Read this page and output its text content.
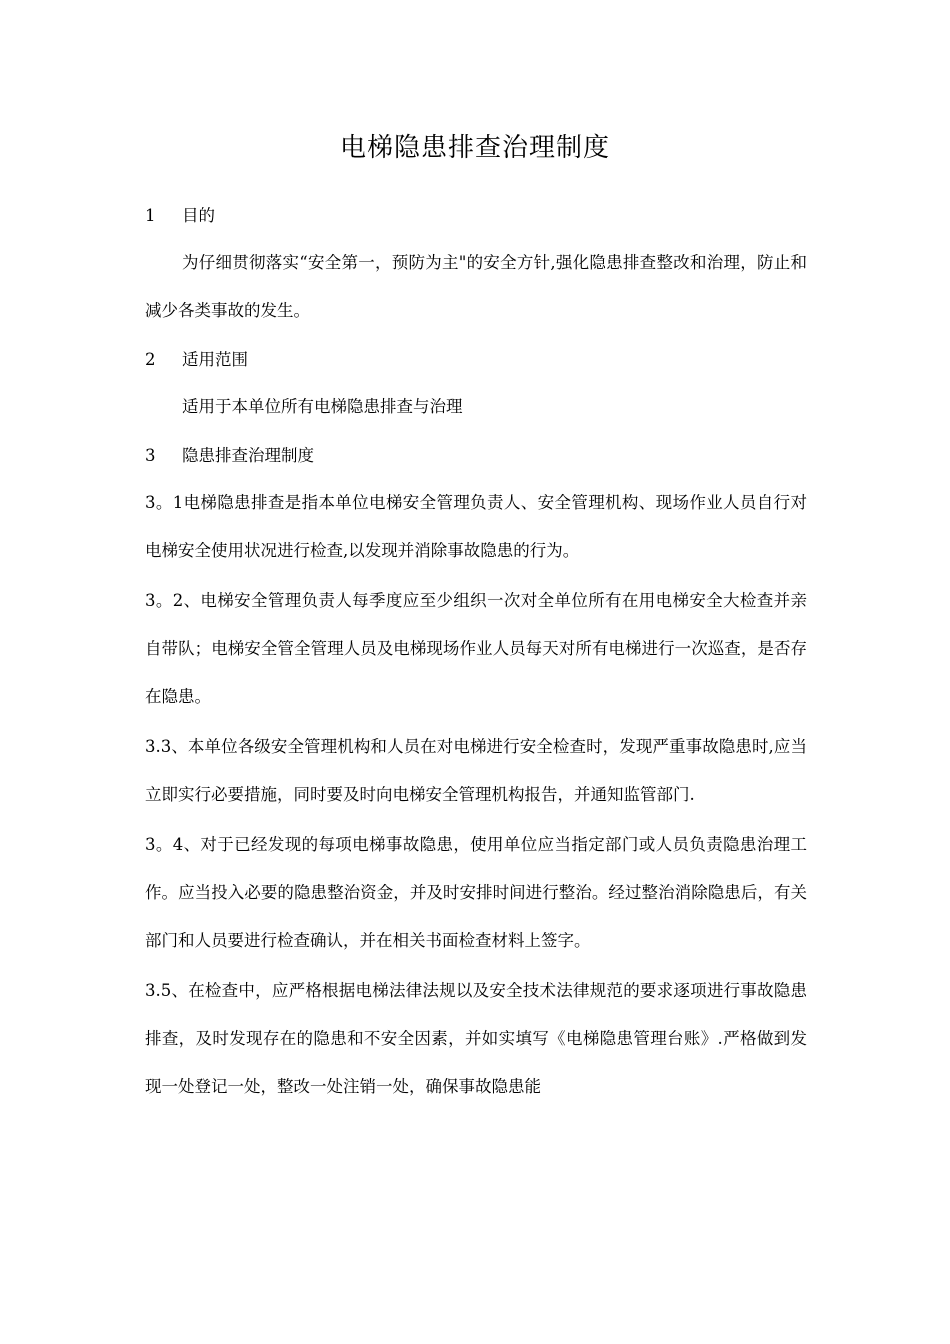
电梯隐患排查治理制度
1	目的

为仔细贯彻落实“安全第一，预防为主"的安全方针,强化隐患排查整改和治理，防止和减少各类事故的发生。

2	适用范围

适用于本单位所有电梯隐患排查与治理

3	隐患排查治理制度

3。1电梯隐患排查是指本单位电梯安全管理负责人、安全管理机构、现场作业人员自行对电梯安全使用状况进行检查,以发现并消除事故隐患的行为。

3。2、电梯安全管理负责人每季度应至少组织一次对全单位所有在用电梯安全大检查并亲自带队；电梯安全管全管理人员及电梯现场作业人员每天对所有电梯进行一次巡查，是否存在隐患。

3.3、本单位各级安全管理机构和人员在对电梯进行安全检查时，发现严重事故隐患时,应当立即实行必要措施，同时要及时向电梯安全管理机构报告，并通知监管部门.

3。4、对于已经发现的每项电梯事故隐患，使用单位应当指定部门或人员负责隐患治理工作。应当投入必要的隐患整治资金，并及时安排时间进行整治。经过整治消除隐患后，有关部门和人员要进行检查确认，并在相关书面检查材料上签字。

3.5、在检查中，应严格根据电梯法律法规以及安全技术法律规范的要求逐项进行事故隐患排查，及时发现存在的隐患和不安全因素，并如实填写《电梯隐患管理台账》.严格做到发现一处登记一处，整改一处注销一处，确保事故隐患能
